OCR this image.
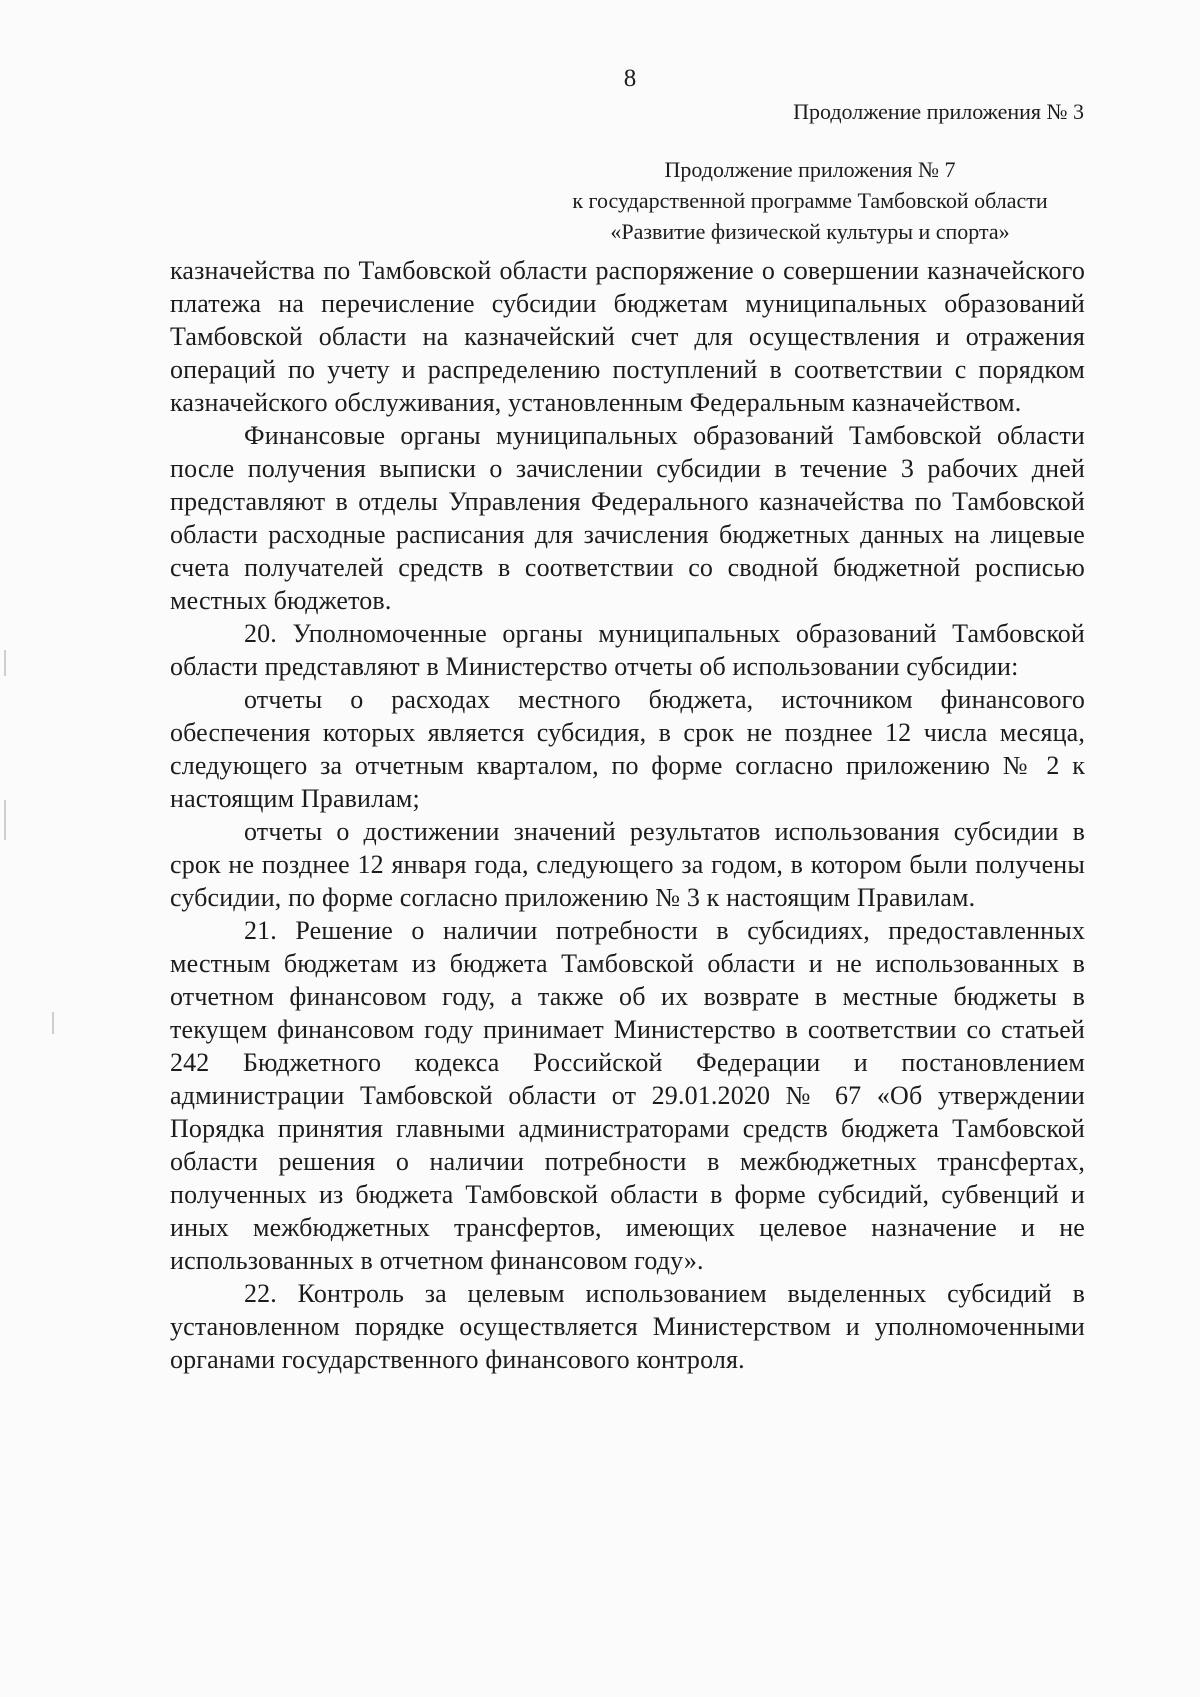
8
Продолжение приложения № 3
Продолжение приложения № 7
к государственной программе Тамбовской области
«Развитие физической культуры и спорта»

казначейства по Тамбовской области распоряжение о совершении казначейского платежа на перечисление субсидии бюджетам муниципальных образований Тамбовской области на казначейский счет для осуществления и отражения операций по учету и распределению поступлений в соответствии с порядком казначейского обслуживания, установленным Федеральным казначейством.

Финансовые органы муниципальных образований Тамбовской области после получения выписки о зачислении субсидии в течение 3 рабочих дней представляют в отделы Управления Федерального казначейства по Тамбовской области расходные расписания для зачисления бюджетных данных на лицевые счета получателей средств в соответствии со сводной бюджетной росписью местных бюджетов.

20. Уполномоченные органы муниципальных образований Тамбовской области представляют в Министерство отчеты об использовании субсидии:

отчеты о расходах местного бюджета, источником финансового обеспечения которых является субсидия, в срок не позднее 12 числа месяца, следующего за отчетным кварталом, по форме согласно приложению № 2 к настоящим Правилам;

отчеты о достижении значений результатов использования субсидии в срок не позднее 12 января года, следующего за годом, в котором были получены субсидии, по форме согласно приложению № 3 к настоящим Правилам.

21. Решение о наличии потребности в субсидиях, предоставленных местным бюджетам из бюджета Тамбовской области и не использованных в отчетном финансовом году, а также об их возврате в местные бюджеты в текущем финансовом году принимает Министерство в соответствии со статьей 242 Бюджетного кодекса Российской Федерации и постановлением администрации Тамбовской области от 29.01.2020 № 67 «Об утверждении Порядка принятия главными администраторами средств бюджета Тамбовской области решения о наличии потребности в межбюджетных трансфертах, полученных из бюджета Тамбовской области в форме субсидий, субвенций и иных межбюджетных трансфертов, имеющих целевое назначение и не использованных в отчетном финансовом году».

22. Контроль за целевым использованием выделенных субсидий в установленном порядке осуществляется Министерством и уполномоченными органами государственного финансового контроля.
